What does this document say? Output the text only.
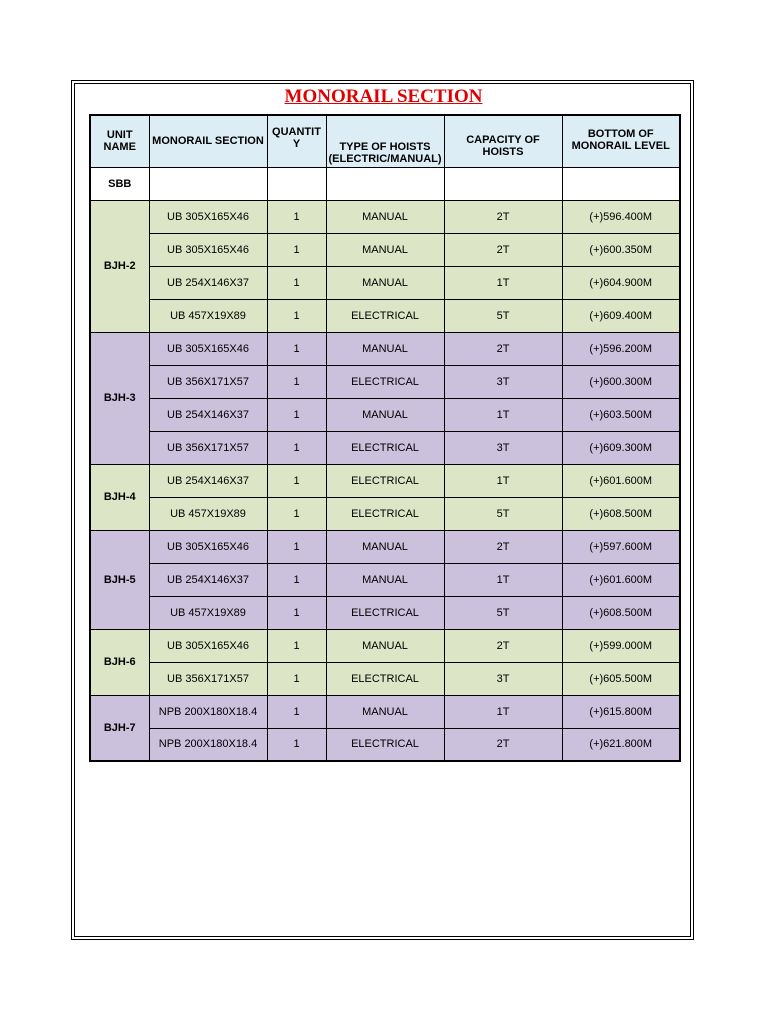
MONORAIL SECTION
UNIT NAME	MONORAIL SECTION	QUANTIT Y	TYPE OF HOISTS (ELECTRIC/MANUAL)	CAPACITY OF HOISTS	BOTTOM OF MONORAIL LEVEL
SBB					
BJH-2	UB 305X165X46	1	MANUAL	2T	(+)596.400M
	UB 305X165X46	1	MANUAL	2T	(+)600.350M
	UB 254X146X37	1	MANUAL	1T	(+)604.900M
	UB 457X19X89	1	ELECTRICAL	5T	(+)609.400M
BJH-3	UB 305X165X46	1	MANUAL	2T	(+)596.200M
	UB 356X171X57	1	ELECTRICAL	3T	(+)600.300M
	UB 254X146X37	1	MANUAL	1T	(+)603.500M
	UB 356X171X57	1	ELECTRICAL	3T	(+)609.300M
BJH-4	UB 254X146X37	1	ELECTRICAL	1T	(+)601.600M
	UB 457X19X89	1	ELECTRICAL	5T	(+)608.500M
BJH-5	UB 305X165X46	1	MANUAL	2T	(+)597.600M
	UB 254X146X37	1	MANUAL	1T	(+)601.600M
	UB 457X19X89	1	ELECTRICAL	5T	(+)608.500M
BJH-6	UB 305X165X46	1	MANUAL	2T	(+)599.000M
	UB 356X171X57	1	ELECTRICAL	3T	(+)605.500M
BJH-7	NPB 200X180X18.4	1	MANUAL	1T	(+)615.800M
	NPB 200X180X18.4	1	ELECTRICAL	2T	(+)621.800M
